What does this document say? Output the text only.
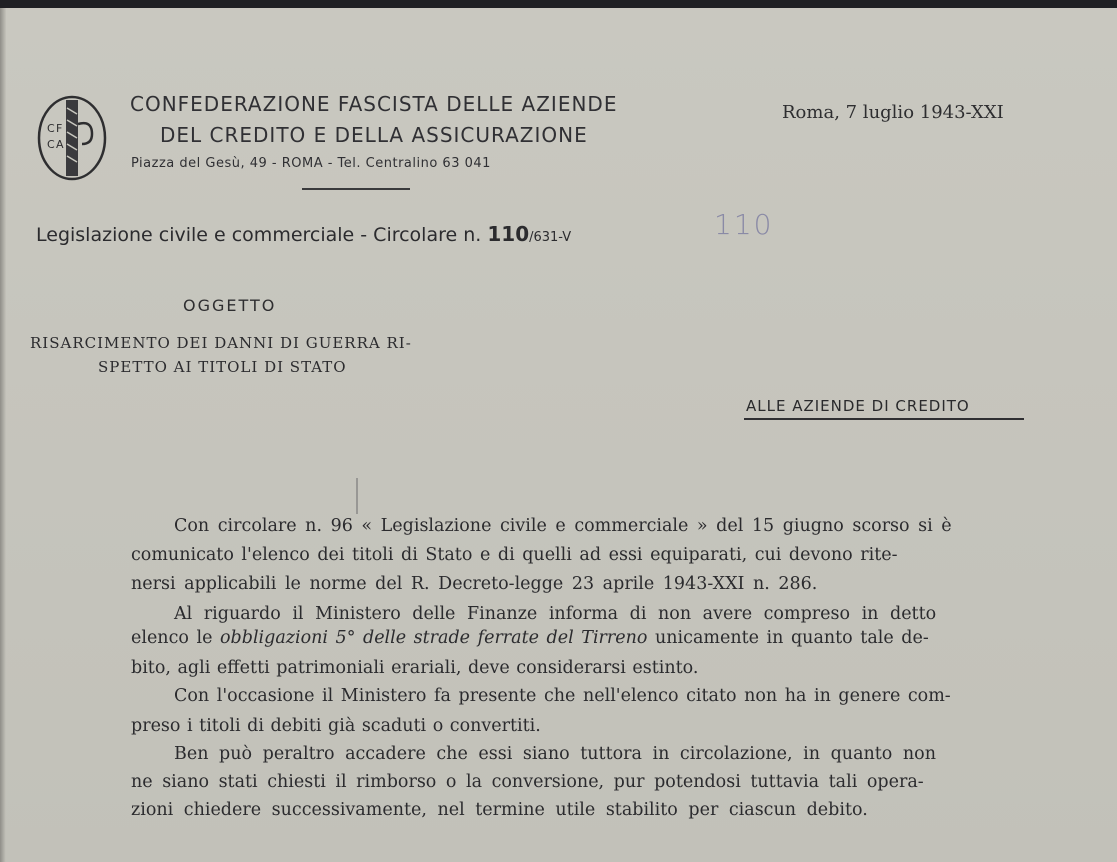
C F
C A
CONFEDERAZIONE FASCISTA DELLE AZIENDE
DEL CREDITO E DELLA ASSICURAZIONE
Piazza del Gesù, 49 - ROMA - Tel. Centralino 63 041
Roma, 7 luglio 1943-XXI
Legislazione civile e commerciale - Circolare n. 110/631-V	110
OGGETTO
RISARCIMENTO DEI DANNI DI GUERRA RI-
SPETTO AI TITOLI DI STATO
ALLE AZIENDE DI CREDITO
Con circolare n. 96 « Legislazione civile e commerciale » del 15 giugno scorso si è
comunicato l'elenco dei titoli di Stato e di quelli ad essi equiparati, cui devono rite-
nersi applicabili le norme del R. Decreto-legge 23 aprile 1943-XXI n. 286.
Al riguardo il Ministero delle Finanze informa di non avere compreso in detto
elenco le obbligazioni 5° delle strade ferrate del Tirreno unicamente in quanto tale de-
bito, agli effetti patrimoniali erariali, deve considerarsi estinto.
Con l'occasione il Ministero fa presente che nell'elenco citato non ha in genere com-
preso i titoli di debiti già scaduti o convertiti.
Ben può peraltro accadere che essi siano tuttora in circolazione, in quanto non
ne siano stati chiesti il rimborso o la conversione, pur potendosi tuttavia tali opera-
zioni chiedere successivamente, nel termine utile stabilito per ciascun debito.
